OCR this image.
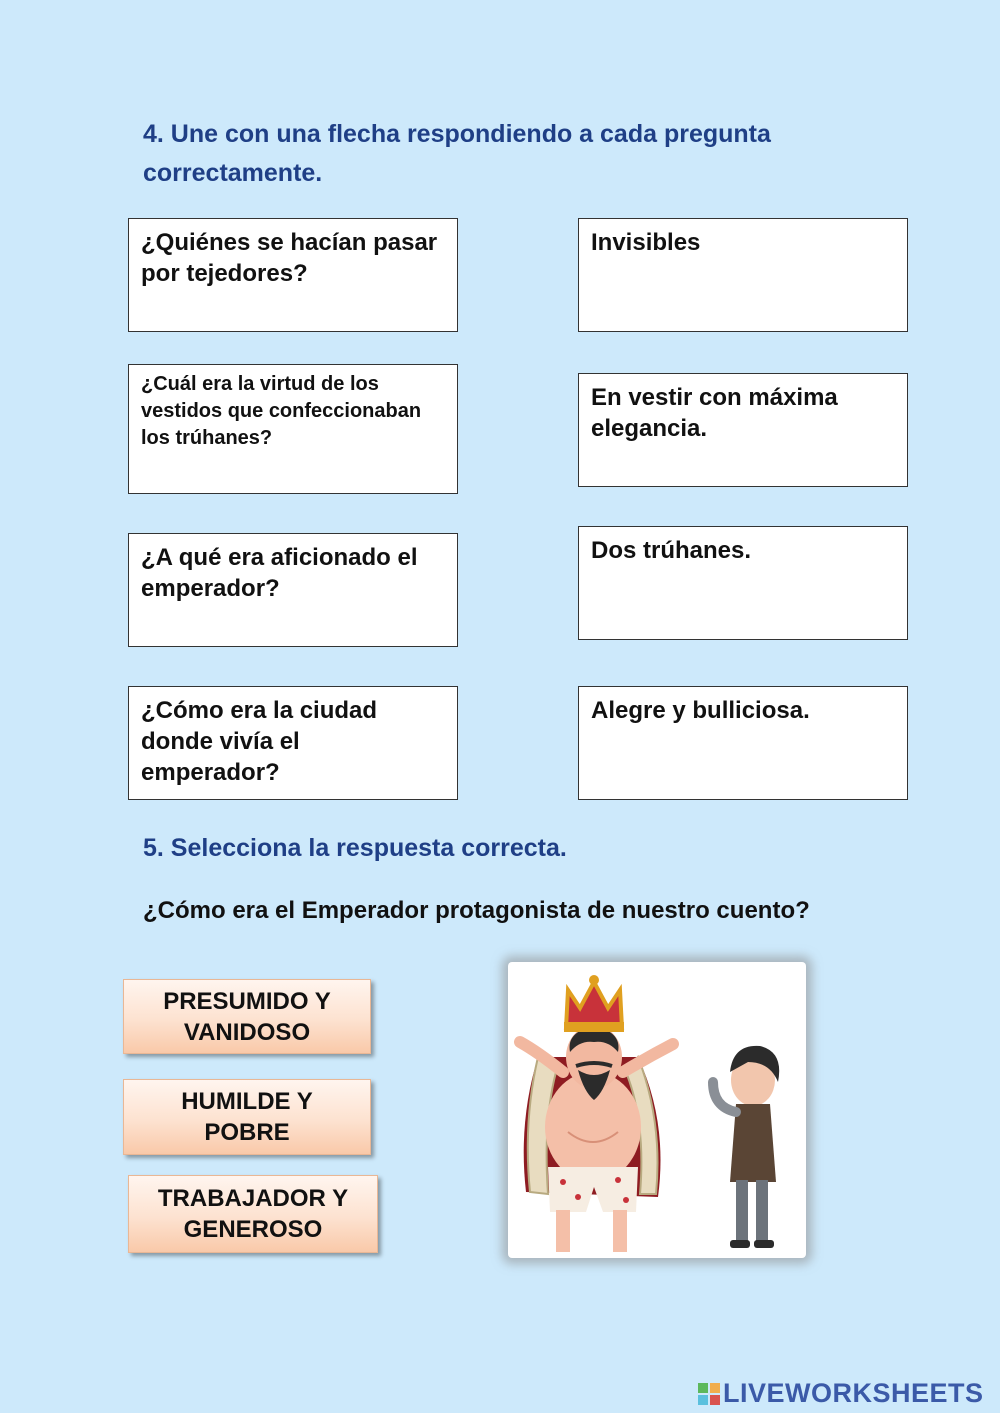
4. Une con una flecha respondiendo a cada pregunta
correctamente.
¿Quiénes se hacían pasar por tejedores?
¿Cuál era la virtud de los vestidos que confeccionaban los trúhanes?
¿A qué era aficionado el emperador?
¿Cómo era la ciudad donde vivía el emperador?
Invisibles
En vestir con máxima elegancia.
Dos trúhanes.
Alegre y bulliciosa.
5. Selecciona la respuesta correcta.
¿Cómo era el Emperador protagonista de nuestro cuento?
PRESUMIDO Y
VANIDOSO
HUMILDE Y
POBRE
TRABAJADOR Y
GENEROSO
LIVEWORKSHEETS
